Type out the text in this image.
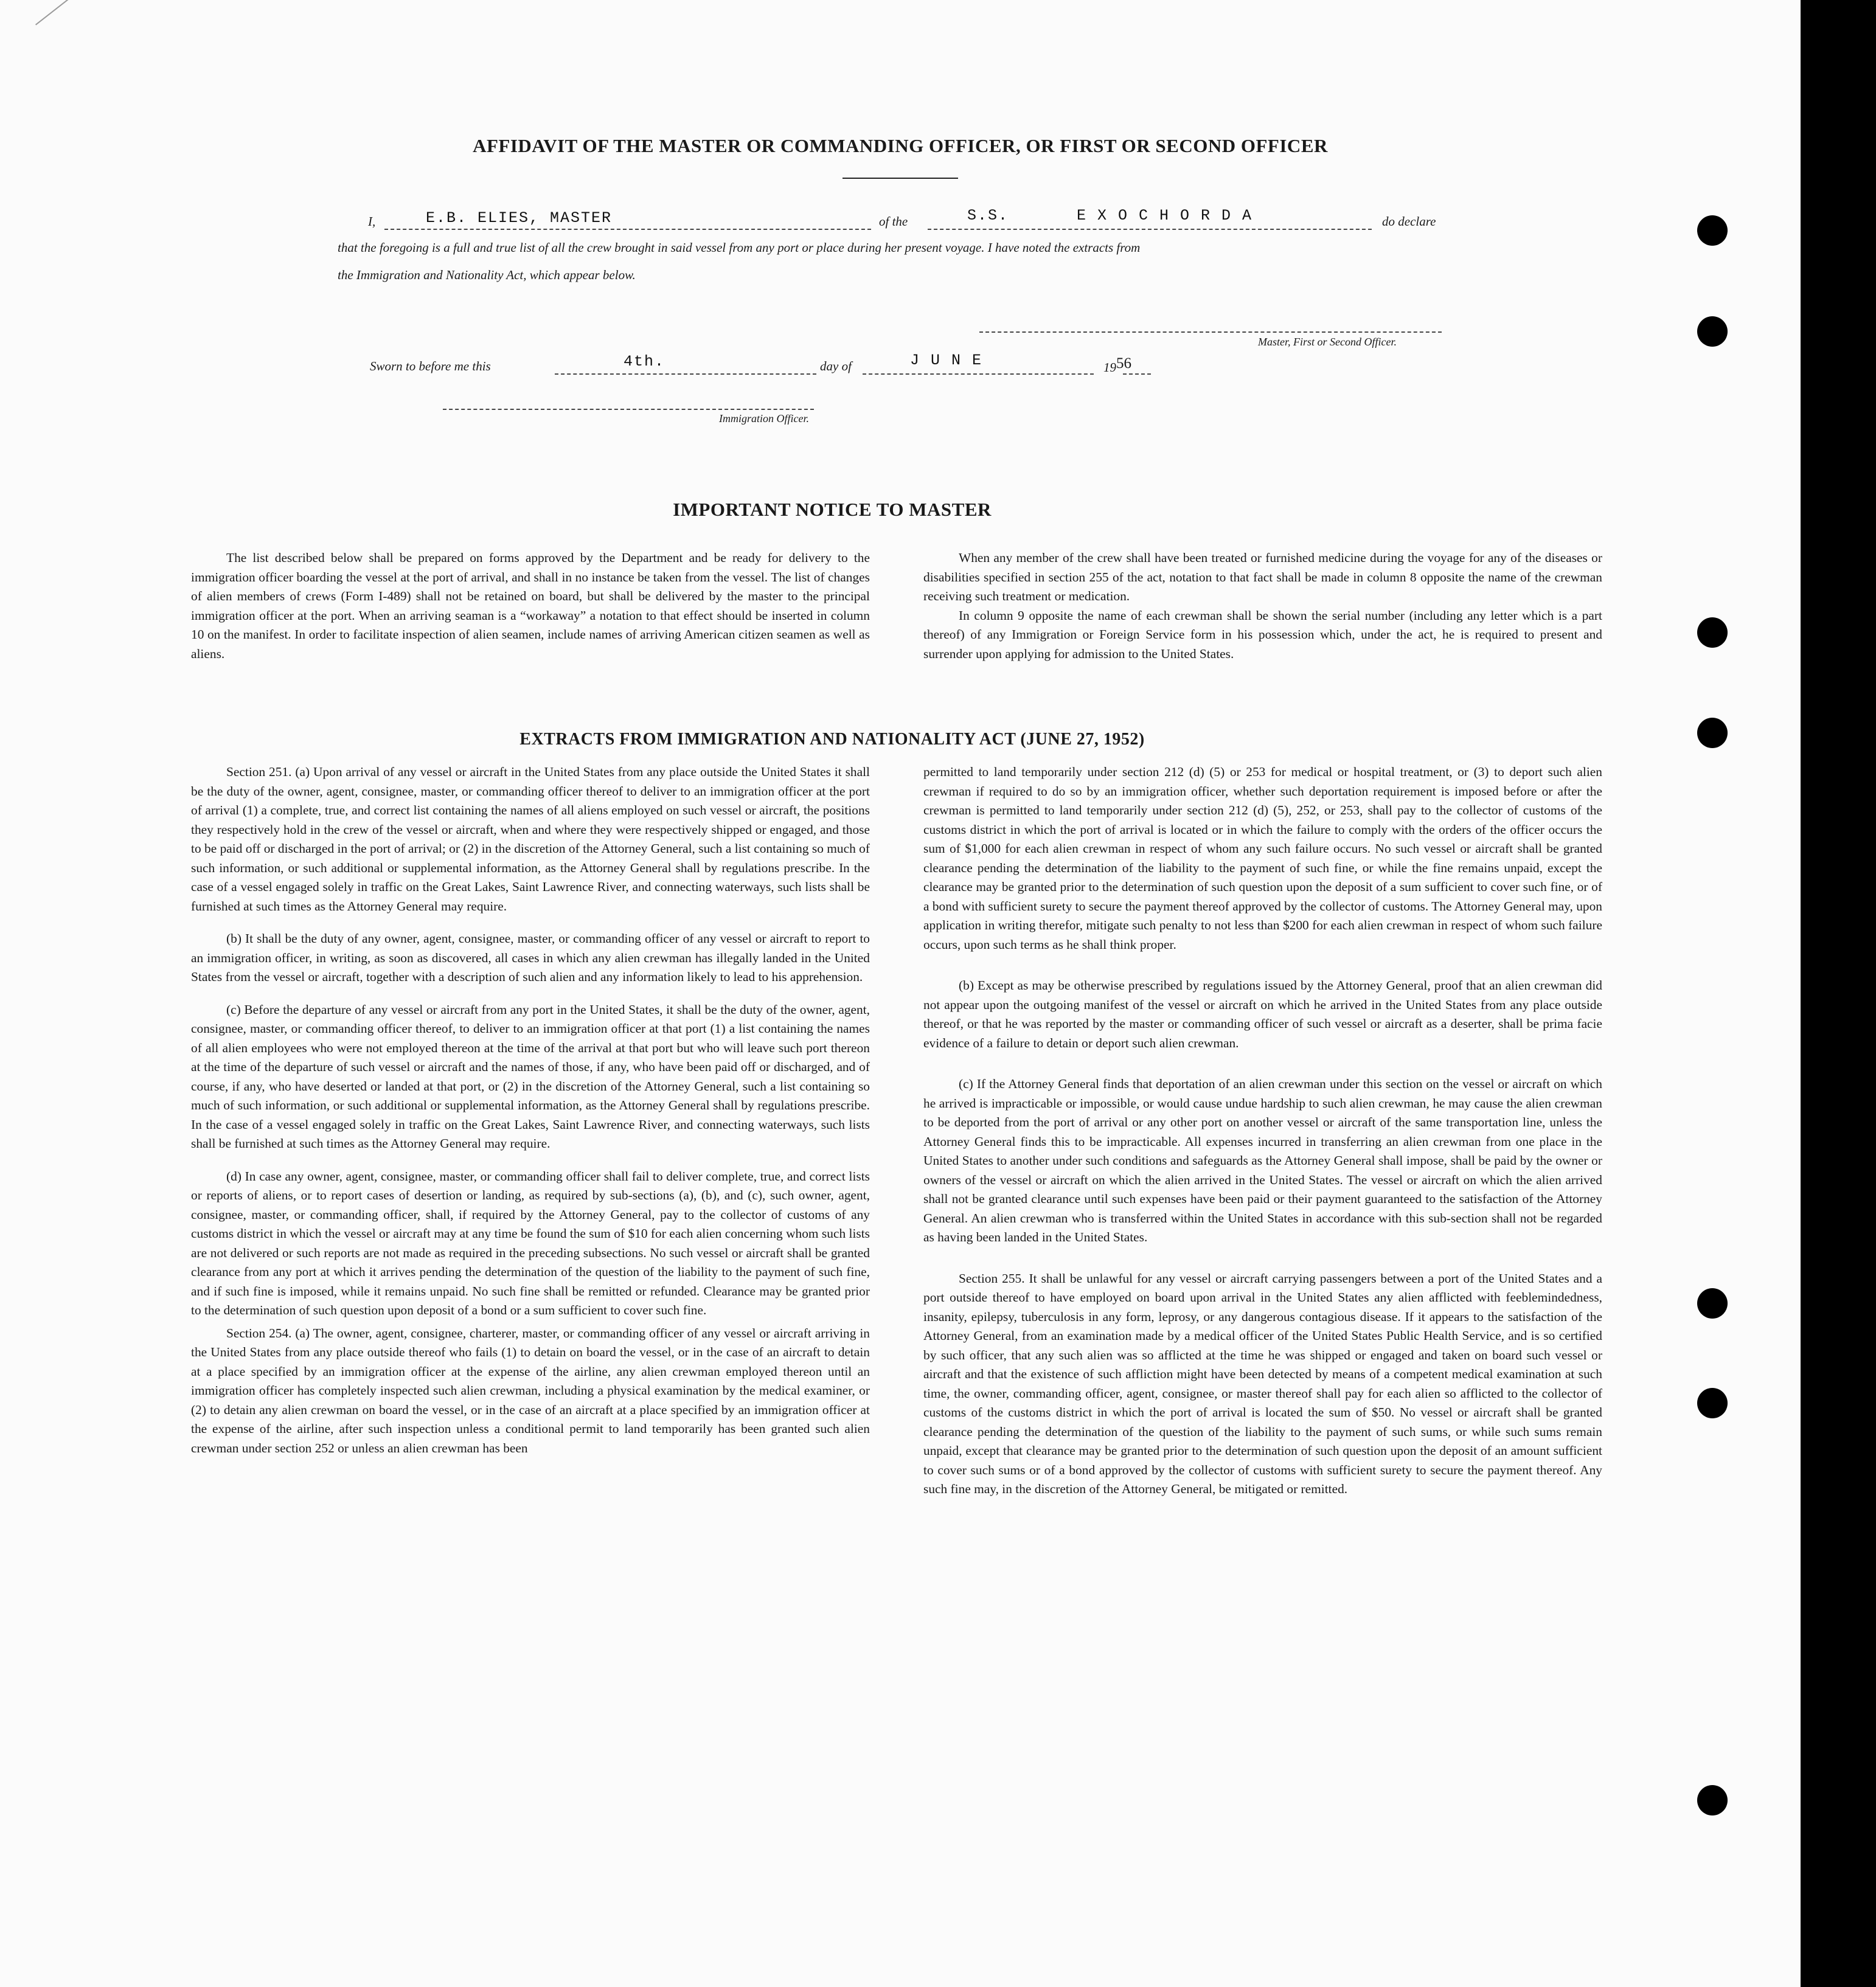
AFFIDAVIT OF THE MASTER OR COMMANDING OFFICER, OR FIRST OR SECOND OFFICER
I,	E.B. ELIES, MASTER	of the	S.S.	E X O C H O R D A	do declare
that the foregoing is a full and true list of all the crew brought in said vessel from any port or place during her present voyage. I have noted the extracts from
the Immigration and Nationality Act, which appear below.
Master, First or Second Officer.
Sworn to before me this	4th.	day of	J U N E	1956
Immigration Officer.
IMPORTANT NOTICE TO MASTER

The list described below shall be prepared on forms approved by the Department and be ready for delivery to the immigration officer boarding the vessel at the port of arrival, and shall in no instance be taken from the vessel. The list of changes of alien members of crews (Form I-489) shall not be retained on board, but shall be delivered by the master to the principal immigration officer at the port. When an arriving seaman is a “workaway” a notation to that effect should be inserted in column 10 on the manifest. In order to facilitate inspection of alien seamen, include names of arriving American citizen seamen as well as aliens.

When any member of the crew shall have been treated or furnished medicine during the voyage for any of the diseases or disabilities specified in section 255 of the act, notation to that fact shall be made in column 8 opposite the name of the crewman receiving such treatment or medication.

In column 9 opposite the name of each crewman shall be shown the serial number (including any letter which is a part thereof) of any Immigration or Foreign Service form in his possession which, under the act, he is required to present and surrender upon applying for admission to the United States.

EXTRACTS FROM IMMIGRATION AND NATIONALITY ACT (JUNE 27, 1952)

Section 251. (a) Upon arrival of any vessel or aircraft in the United States from any place outside the United States it shall be the duty of the owner, agent, consignee, master, or commanding officer thereof to deliver to an immigration officer at the port of arrival (1) a complete, true, and correct list containing the names of all aliens employed on such vessel or aircraft, the positions they respectively hold in the crew of the vessel or aircraft, when and where they were respectively shipped or engaged, and those to be paid off or discharged in the port of arrival; or (2) in the discretion of the Attorney General, such a list containing so much of such information, or such additional or supplemental information, as the Attorney General shall by regulations prescribe. In the case of a vessel engaged solely in traffic on the Great Lakes, Saint Lawrence River, and connecting waterways, such lists shall be furnished at such times as the Attorney General may require.

(b) It shall be the duty of any owner, agent, consignee, master, or commanding officer of any vessel or aircraft to report to an immigration officer, in writing, as soon as discovered, all cases in which any alien crewman has illegally landed in the United States from the vessel or aircraft, together with a description of such alien and any information likely to lead to his apprehension.

(c) Before the departure of any vessel or aircraft from any port in the United States, it shall be the duty of the owner, agent, consignee, master, or commanding officer thereof, to deliver to an immigration officer at that port (1) a list containing the names of all alien employees who were not employed thereon at the time of the arrival at that port but who will leave such port thereon at the time of the departure of such vessel or aircraft and the names of those, if any, who have been paid off or discharged, and of course, if any, who have deserted or landed at that port, or (2) in the discretion of the Attorney General, such a list containing so much of such information, or such additional or supplemental information, as the Attorney General shall by regulations prescribe. In the case of a vessel engaged solely in traffic on the Great Lakes, Saint Lawrence River, and connecting waterways, such lists shall be furnished at such times as the Attorney General may require.

(d) In case any owner, agent, consignee, master, or commanding officer shall fail to deliver complete, true, and correct lists or reports of aliens, or to report cases of desertion or landing, as required by sub-sections (a), (b), and (c), such owner, agent, consignee, master, or commanding officer, shall, if required by the Attorney General, pay to the collector of customs of any customs district in which the vessel or aircraft may at any time be found the sum of $10 for each alien concerning whom such lists are not delivered or such reports are not made as required in the preceding subsections. No such vessel or aircraft shall be granted clearance from any port at which it arrives pending the determination of the question of the liability to the payment of such fine, and if such fine is imposed, while it remains unpaid. No such fine shall be remitted or refunded. Clearance may be granted prior to the determination of such question upon deposit of a bond or a sum sufficient to cover such fine.

Section 254. (a) The owner, agent, consignee, charterer, master, or commanding officer of any vessel or aircraft arriving in the United States from any place outside thereof who fails (1) to detain on board the vessel, or in the case of an aircraft to detain at a place specified by an immigration officer at the expense of the airline, any alien crewman employed thereon until an immigration officer has completely inspected such alien crewman, including a physical examination by the medical examiner, or (2) to detain any alien crewman on board the vessel, or in the case of an aircraft at a place specified by an immigration officer at the expense of the airline, after such inspection unless a conditional permit to land temporarily has been granted such alien crewman under section 252 or unless an alien crewman has been

permitted to land temporarily under section 212 (d) (5) or 253 for medical or hospital treatment, or (3) to deport such alien crewman if required to do so by an immigration officer, whether such deportation requirement is imposed before or after the crewman is permitted to land temporarily under section 212 (d) (5), 252, or 253, shall pay to the collector of customs of the customs district in which the port of arrival is located or in which the failure to comply with the orders of the officer occurs the sum of $1,000 for each alien crewman in respect of whom any such failure occurs. No such vessel or aircraft shall be granted clearance pending the determination of the liability to the payment of such fine, or while the fine remains unpaid, except the clearance may be granted prior to the determination of such question upon the deposit of a sum sufficient to cover such fine, or of a bond with sufficient surety to secure the payment thereof approved by the collector of customs. The Attorney General may, upon application in writing therefor, mitigate such penalty to not less than $200 for each alien crewman in respect of whom such failure occurs, upon such terms as he shall think proper.

(b) Except as may be otherwise prescribed by regulations issued by the Attorney General, proof that an alien crewman did not appear upon the outgoing manifest of the vessel or aircraft on which he arrived in the United States from any place outside thereof, or that he was reported by the master or commanding officer of such vessel or aircraft as a deserter, shall be prima facie evidence of a failure to detain or deport such alien crewman.

(c) If the Attorney General finds that deportation of an alien crewman under this section on the vessel or aircraft on which he arrived is impracticable or impossible, or would cause undue hardship to such alien crewman, he may cause the alien crewman to be deported from the port of arrival or any other port on another vessel or aircraft of the same transportation line, unless the Attorney General finds this to be impracticable. All expenses incurred in transferring an alien crewman from one place in the United States to another under such conditions and safeguards as the Attorney General shall impose, shall be paid by the owner or owners of the vessel or aircraft on which the alien arrived in the United States. The vessel or aircraft on which the alien arrived shall not be granted clearance until such expenses have been paid or their payment guaranteed to the satisfaction of the Attorney General. An alien crewman who is transferred within the United States in accordance with this sub-section shall not be regarded as having been landed in the United States.

Section 255. It shall be unlawful for any vessel or aircraft carrying passengers between a port of the United States and a port outside thereof to have employed on board upon arrival in the United States any alien afflicted with feeblemindedness, insanity, epilepsy, tuberculosis in any form, leprosy, or any dangerous contagious disease. If it appears to the satisfaction of the Attorney General, from an examination made by a medical officer of the United States Public Health Service, and is so certified by such officer, that any such alien was so afflicted at the time he was shipped or engaged and taken on board such vessel or aircraft and that the existence of such affliction might have been detected by means of a competent medical examination at such time, the owner, commanding officer, agent, consignee, or master thereof shall pay for each alien so afflicted to the collector of customs of the customs district in which the port of arrival is located the sum of $50. No vessel or aircraft shall be granted clearance pending the determination of the question of the liability to the payment of such sums, or while such sums remain unpaid, except that clearance may be granted prior to the determination of such question upon the deposit of an amount sufficient to cover such sums or of a bond approved by the collector of customs with sufficient surety to secure the payment thereof. Any such fine may, in the discretion of the Attorney General, be mitigated or remitted.
